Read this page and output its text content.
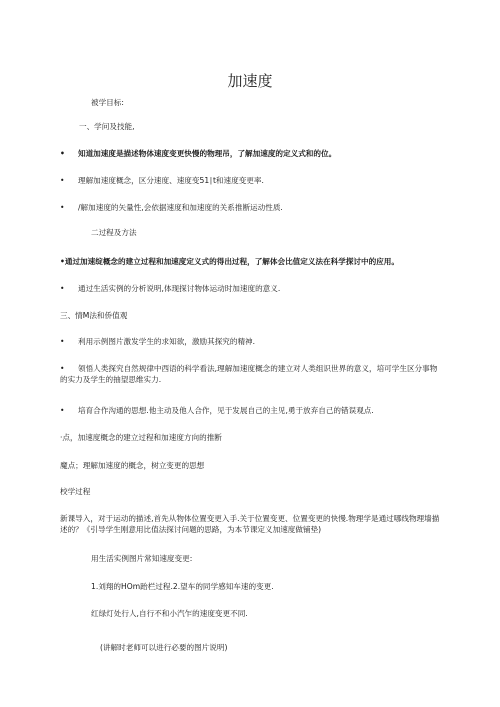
加速度
被学目标:
一、学问及技能,
• 知道加速度是描述物体速度变更快慢的物理吊，了解加速度的定义式和的位。
• 理解加速度概念，区分速度、速度变51∣t和速度变更率.
• /解加速度的矢量性,会依据速度和加速度的关系推断运动性质.
二过程及方法
•通过加速绽概念的建立过程和加速度定义式的得出过程，了解体会比值定义法在科学探讨中的应用。
• 通过生活实例的分析说明,体现探讨物体运动时加速度的意义.
三、情M法和侨值观
• 利用示例图片激发学生的求知欲，激励其探究的精神.
• 领悟人类探究自然规律中西语的科学看法,理解加速度概念的建立对人类组识世界的意义，培可学生区分事物的实力及学生的抽望思维实力.
• 培育合作沟通的思想.他主动及他人合作，见于发展自己的主见,勇于放弃自己的错误观点.
·点，加速度概念的建立过程和加速度方向的推断
魔点；理解加速度的概念，树立变更的思想
校学过程
新课导入，对于运动的描述,首先从物体位置变更入手.关于位置变更、位置变更的快慢.物理学是通过哪线物理墙描述的？《引导学生刚意用比值法探讨问题的思路，为本节课定义加速度做铺垫)
用生活实例图片常知速度变更:
1.刘翔的HOm跆栏过程.2.望车的同学感知车速的变更.
红绿灯处行人,自行不和小汽乍的速度变更不同.
(讲解时老师可以进行必要的图片说明)
